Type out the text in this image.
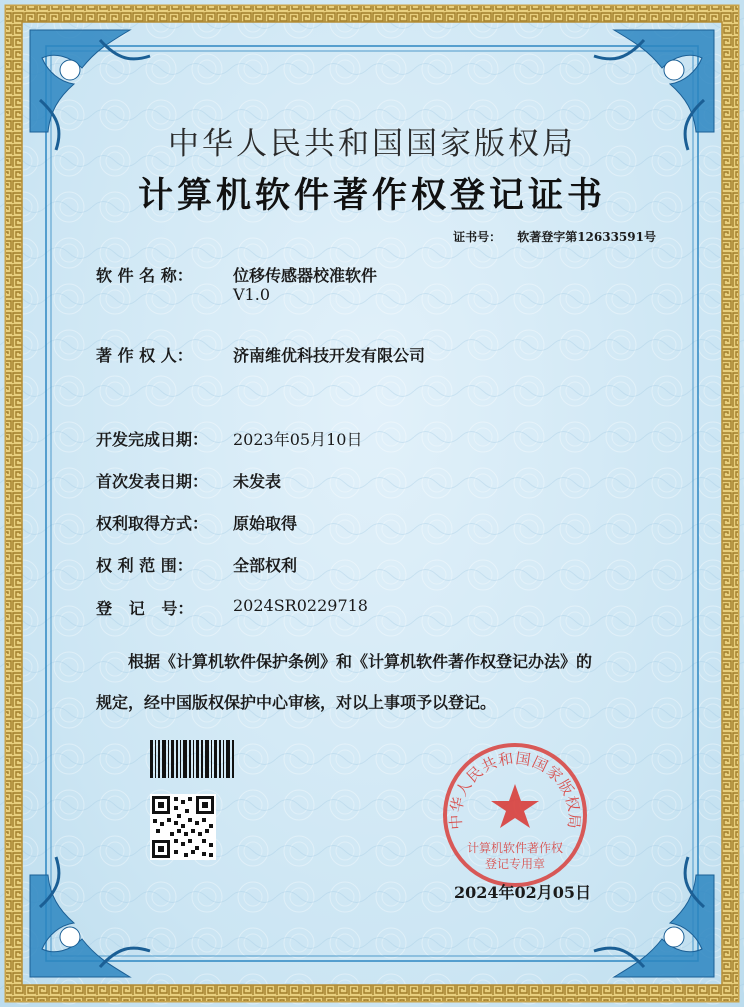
中华人民共和国国家版权局
计算机软件著作权登记证书
证书号： 软著登字第12633591号
软 件 名 称：	位移传感器校准软件
V1.0
著 作 权 人：	济南维优科技开发有限公司
开发完成日期： 2023年05月10日
首次发表日期： 未发表
权利取得方式： 原始取得
权 利 范 围：	全部权利
登   记   号： 2024SR0229718
根据《计算机软件保护条例》和《计算机软件著作权登记办法》的
规定，经中国版权保护中心审核，对以上事项予以登记。
中华人民共和国国家版权局
计算机软件著作权
登记专用章
2024年02月05日
